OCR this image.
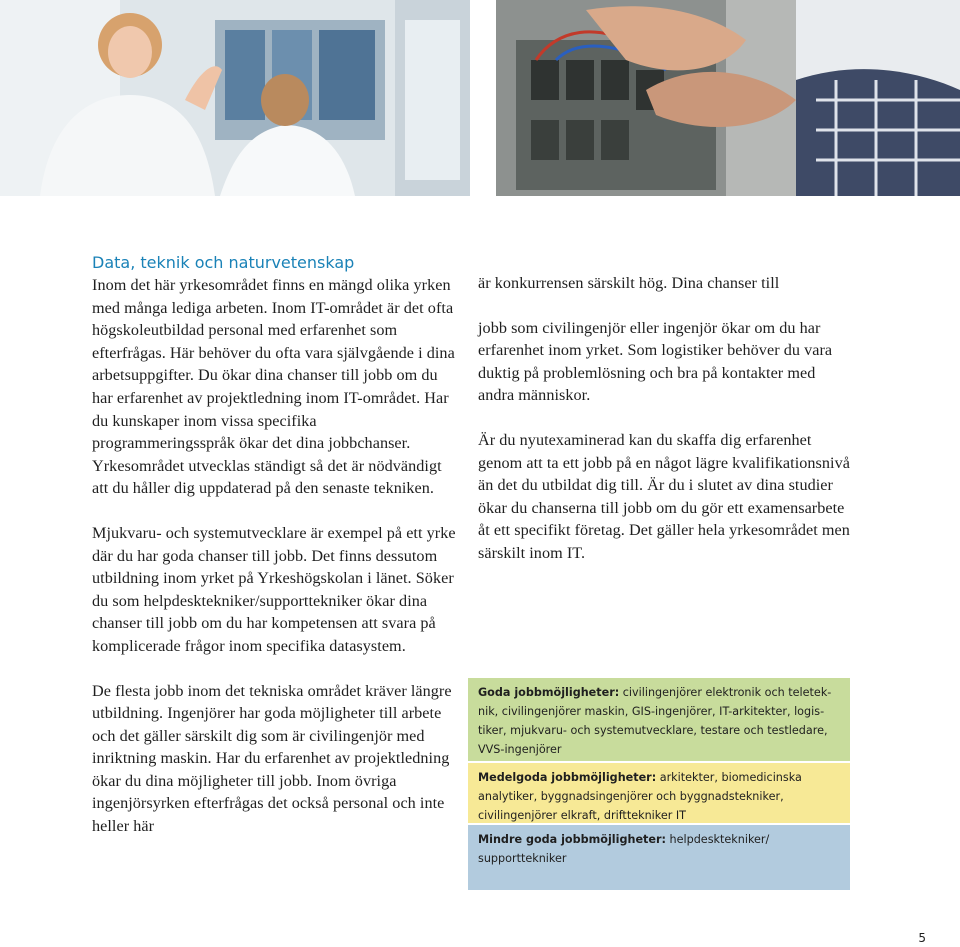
Data, teknik och naturvetenskap

Inom det här yrkesområdet finns en mängd olika yrken med många lediga arbeten. Inom IT-området är det ofta högskoleutbildad personal med erfarenhet som efterfrågas. Här behöver du ofta vara självgående i dina arbetsuppgifter. Du ökar dina chanser till jobb om du har erfarenhet av projektledning inom IT-området. Har du kunskaper inom vissa specifika programmeringsspråk ökar det dina jobbchanser. Yrkesområdet utvecklas ständigt så det är nödvändigt att du håller dig uppdaterad på den senaste tekniken.

Mjukvaru- och systemutvecklare är exempel på ett yrke där du har goda chanser till jobb. Det finns dessutom utbildning inom yrket på Yrkeshögskolan i länet. Söker du som helpdesktekniker/supporttekniker ökar dina chanser till jobb om du har kompetensen att svara på komplicerade frågor inom specifika datasystem.

De flesta jobb inom det tekniska området kräver längre utbildning. Ingenjörer har goda möjligheter till arbete och det gäller särskilt dig som är civilingenjör med inriktning maskin. Har du erfarenhet av projektledning ökar du dina möjligheter till jobb. Inom övriga ingenjörsyrken efterfrågas det också personal och inte heller här

är konkurrensen särskilt hög. Dina chanser till

jobb som civilingenjör eller ingenjör ökar om du har erfarenhet inom yrket. Som logistiker behöver du vara duktig på problemlösning och bra på kontakter med andra människor.

Är du nyutexaminerad kan du skaffa dig erfarenhet genom att ta ett jobb på en något lägre kvalifikationsnivå än det du utbildat dig till. Är du i slutet av dina studier ökar du chanserna till jobb om du gör ett examensarbete åt ett specifikt företag. Det gäller hela yrkesområdet men särskilt inom IT.

Goda jobbmöjligheter: civilingenjörer elektronik och teleteknik, civilingenjörer maskin, GIS-ingenjörer, IT-arkitekter, logistiker, mjukvaru- och systemutvecklare, testare och testledare, VVS-ingenjörer
Medelgoda jobbmöjligheter: arkitekter, biomedicinska analytiker, byggnadsingenjörer och byggnadstekniker, civilingenjörer elkraft, drifttekniker IT
Mindre goda jobbmöjligheter: helpdesktekniker/ supporttekniker
5
